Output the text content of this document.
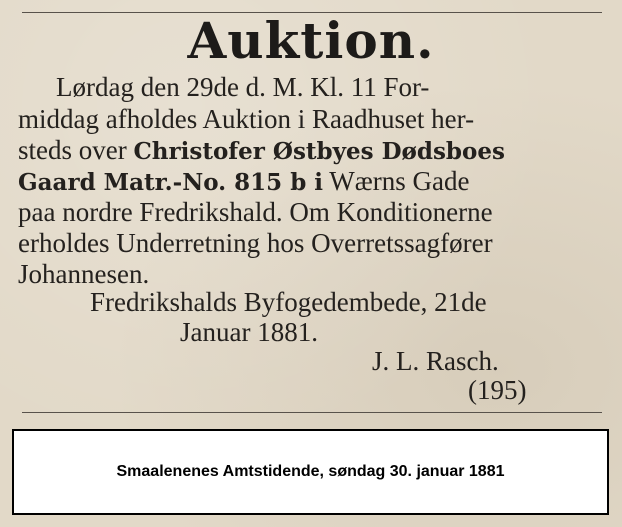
Auktion.
Lørdag den 29de d. M. Kl. 11 For-
middag afholdes Auktion i Raadhuset her-
steds over Christofer Østbyes Dødsboes
Gaard Matr.-No. 815 b i Wærns Gade
paa nordre Fredrikshald. Om Konditionerne
erholdes Underretning hos Overretssagfører
Johannesen.
Fredrikshalds Byfogedembede, 21de
Januar 1881.
J. L. Rasch.
(195)
Smaalenenes Amtstidende, søndag 30. januar 1881
